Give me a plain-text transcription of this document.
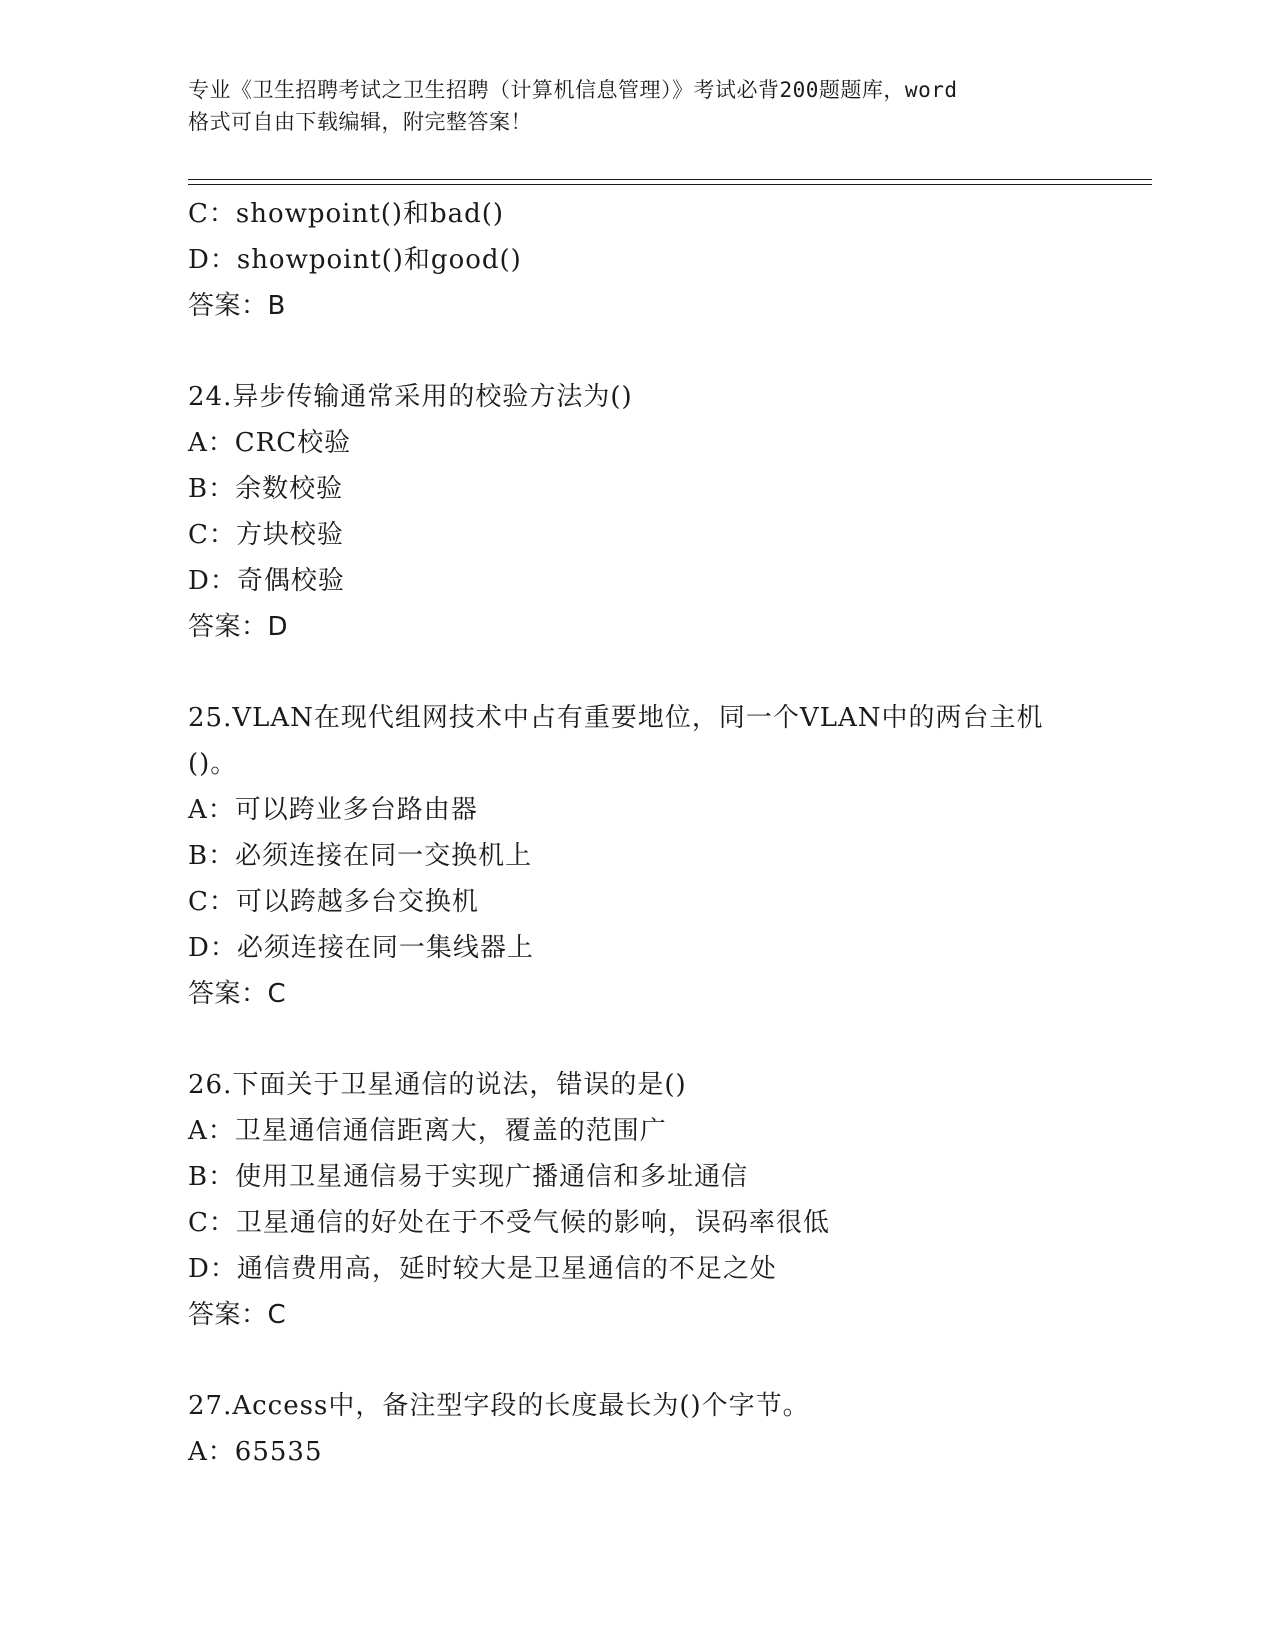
专业《卫生招聘考试之卫生招聘（计算机信息管理）》考试必背200题题库，word
格式可自由下载编辑，附完整答案！
C：showpoint()和bad()
D：showpoint()和good()
答案：B
24.异步传输通常采用的校验方法为()
A：CRC校验
B：余数校验
C：方块校验
D：奇偶校验
答案：D
25.VLAN在现代组网技术中占有重要地位，同一个VLAN中的两台主机
()。
A：可以跨业多台路由器
B：必须连接在同一交换机上
C：可以跨越多台交换机
D：必须连接在同一集线器上
答案：C
26.下面关于卫星通信的说法，错误的是()
A：卫星通信通信距离大，覆盖的范围广
B：使用卫星通信易于实现广播通信和多址通信
C：卫星通信的好处在于不受气候的影响，误码率很低
D：通信费用高，延时较大是卫星通信的不足之处
答案：C
27.Access中，备注型字段的长度最长为()个字节。
A：65535
